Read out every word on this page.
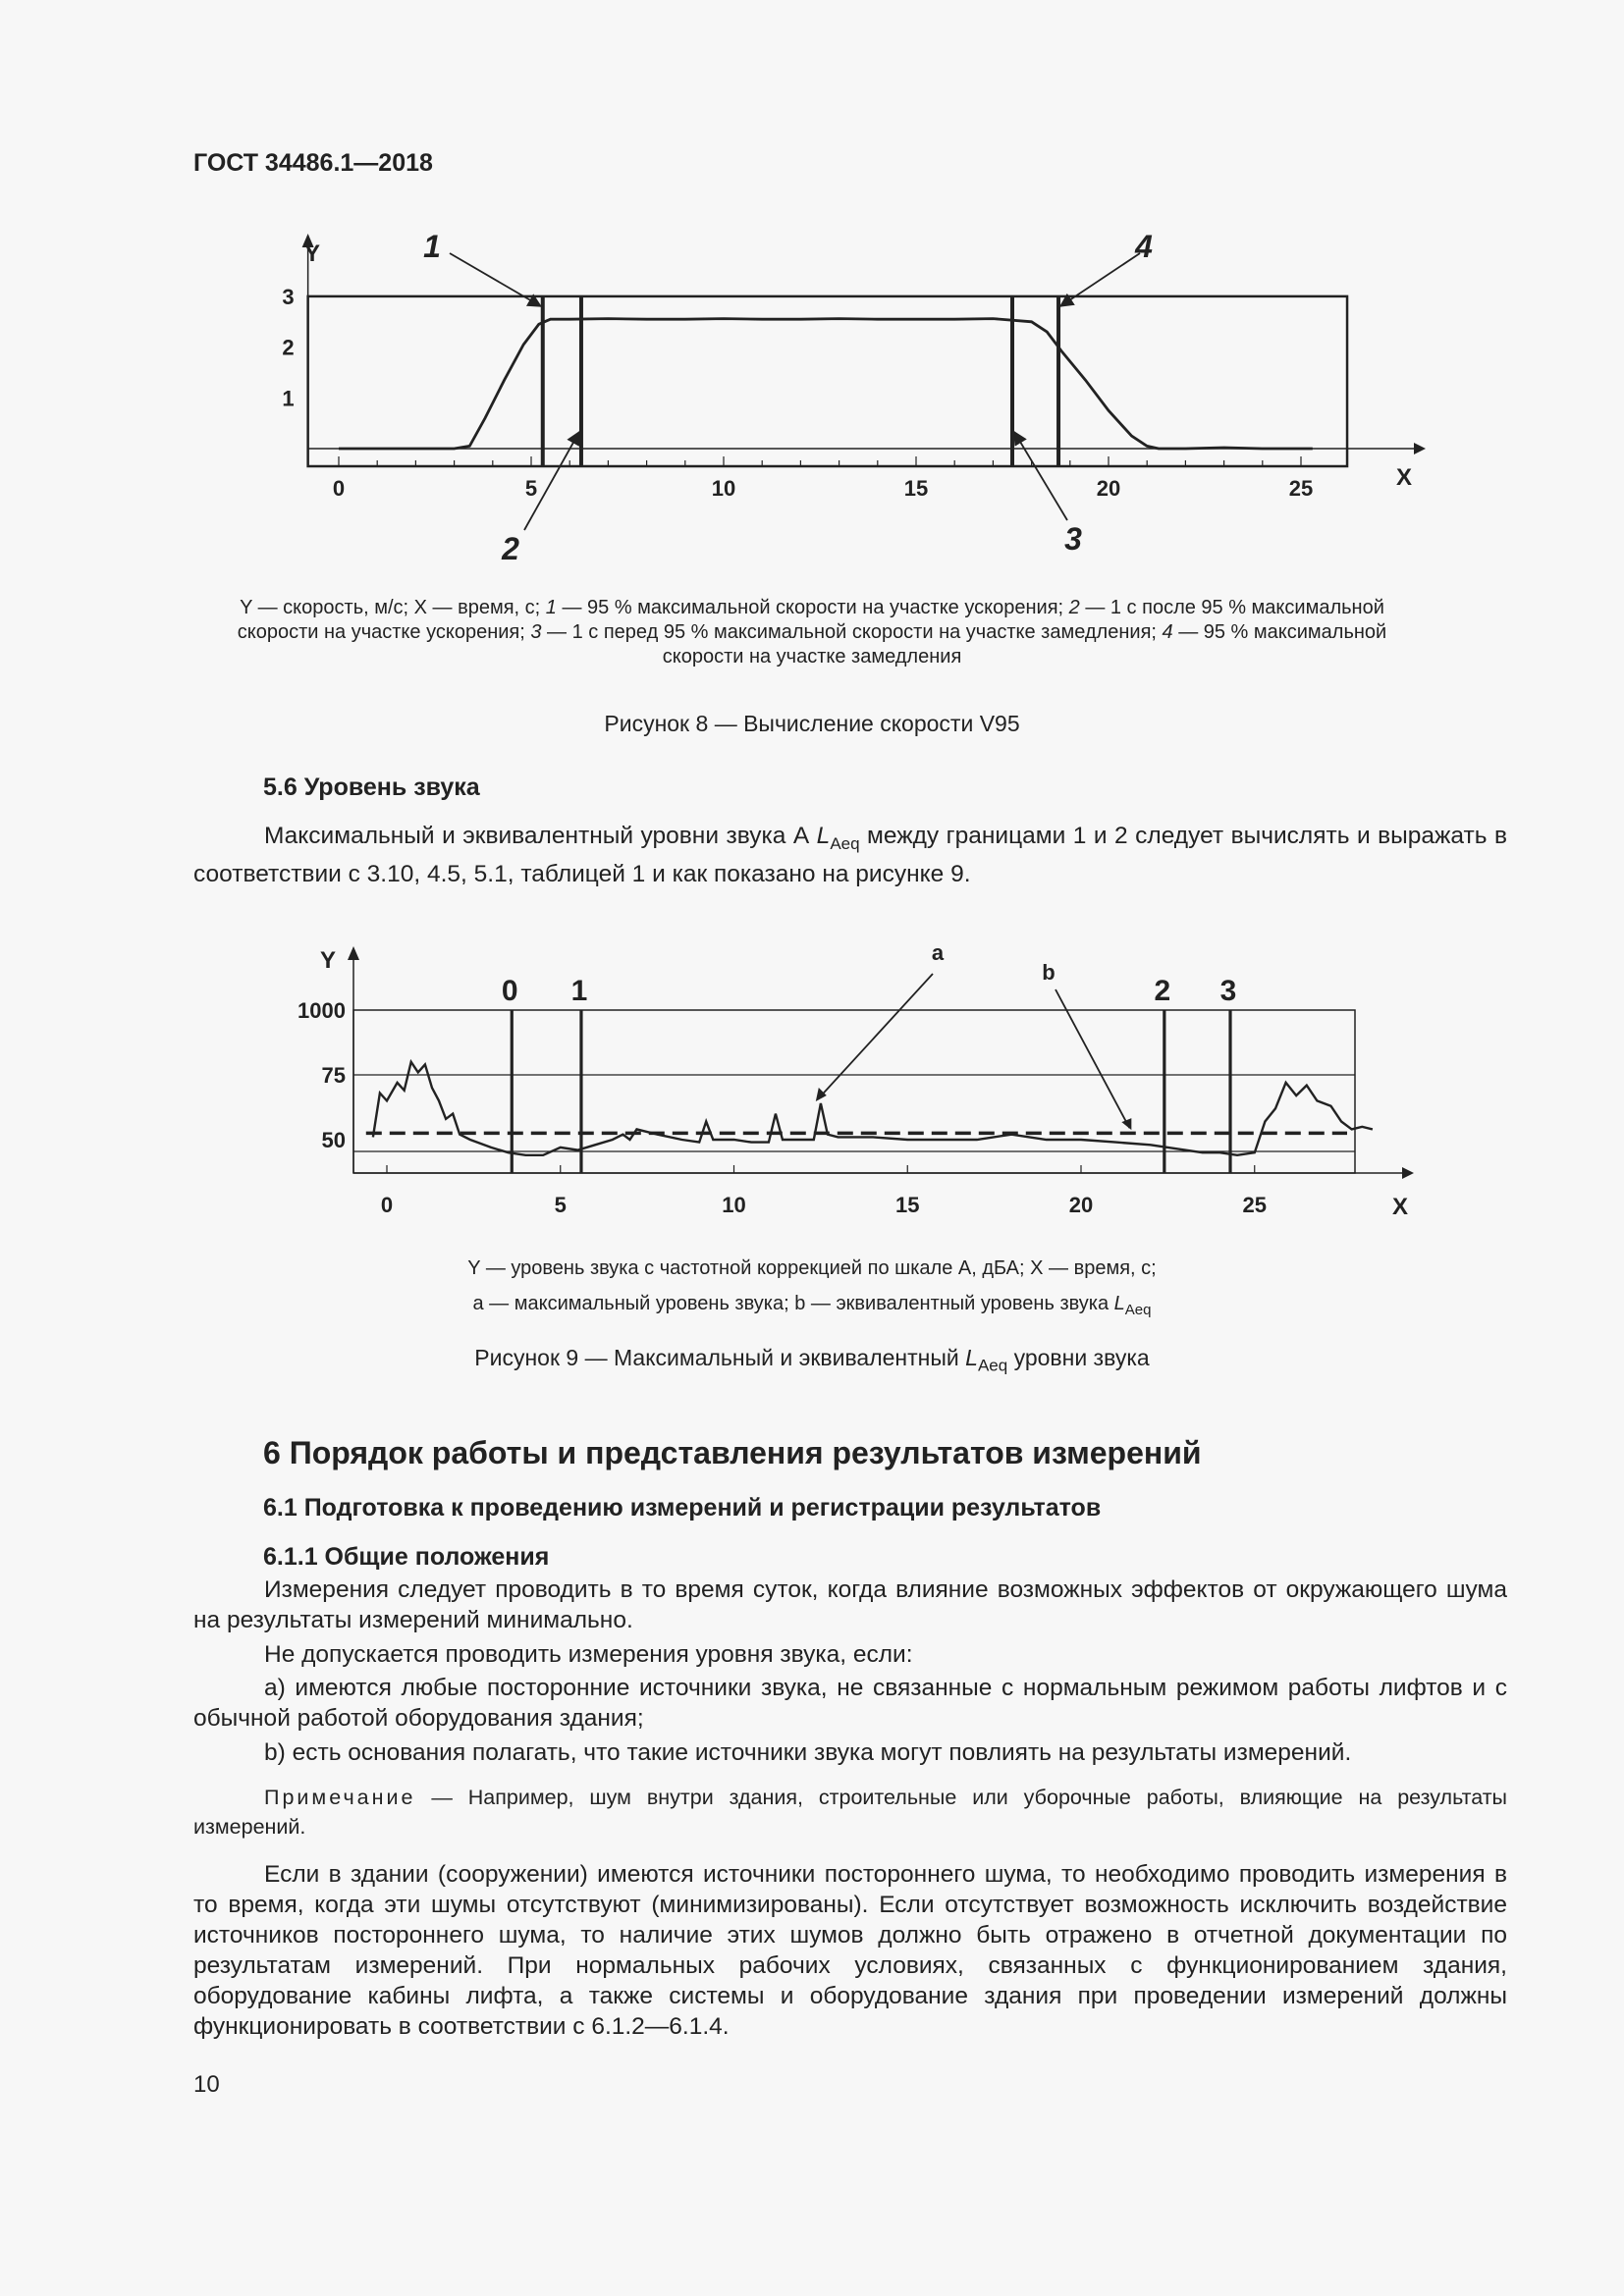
ГОСТ 34486.1—2018
0	5	10	15	20	25
1
2
3
X
Y	1
2	3
4
Y — скорость, м/с; X — время, с; 1 — 95 % максимальной скорости на участке ускорения; 2 — 1 с после 95 % максимальной скорости на участке ускорения; 3 — 1 с перед 95 % максимальной скорости на участке замедления; 4 — 95 % максимальной скорости на участке замедления
Рисунок 8 — Вычисление скорости V95
5.6 Уровень звука
Максимальный и эквивалентный уровни звука А $L_{Aeq}$ между границами 1 и 2 следует вычислять и выражать в соответствии с 3.10, 4.5, 5.1, таблицей 1 и как показано на рисунке 9.
0	5	10	15	20	25
50
75
1000
X
Y
0 1	2 3
a
b
Y — уровень звука с частотной коррекцией по шкале А, дБА; X — время, с;
a — максимальный уровень звука; b — эквивалентный уровень звука $L_{Aeq}$
Рисунок 9 — Максимальный и эквивалентный $L_{Aeq}$ уровни звука
6 Порядок работы и представления результатов измерений
6.1 Подготовка к проведению измерений и регистрации результатов
6.1.1 Общие положения
Измерения следует проводить в то время суток, когда влияние возможных эффектов от окружающего шума на результаты измерений минимально.
Не допускается проводить измерения уровня звука, если:
a) имеются любые посторонние источники звука, не связанные с нормальным режимом работы лифтов и с обычной работой оборудования здания;
b) есть основания полагать, что такие источники звука могут повлиять на результаты измерений.
Примечание — Например, шум внутри здания, строительные или уборочные работы, влияющие на результаты измерений.
Если в здании (сооружении) имеются источники постороннего шума, то необходимо проводить измерения в то время, когда эти шумы отсутствуют (минимизированы). Если отсутствует возможность исключить воздействие источников постороннего шума, то наличие этих шумов должно быть отражено в отчетной документации по результатам измерений. При нормальных рабочих условиях, связанных с функционированием здания, оборудование кабины лифта, а также системы и оборудование здания при проведении измерений должны функционировать в соответствии с 6.1.2—6.1.4.
10
